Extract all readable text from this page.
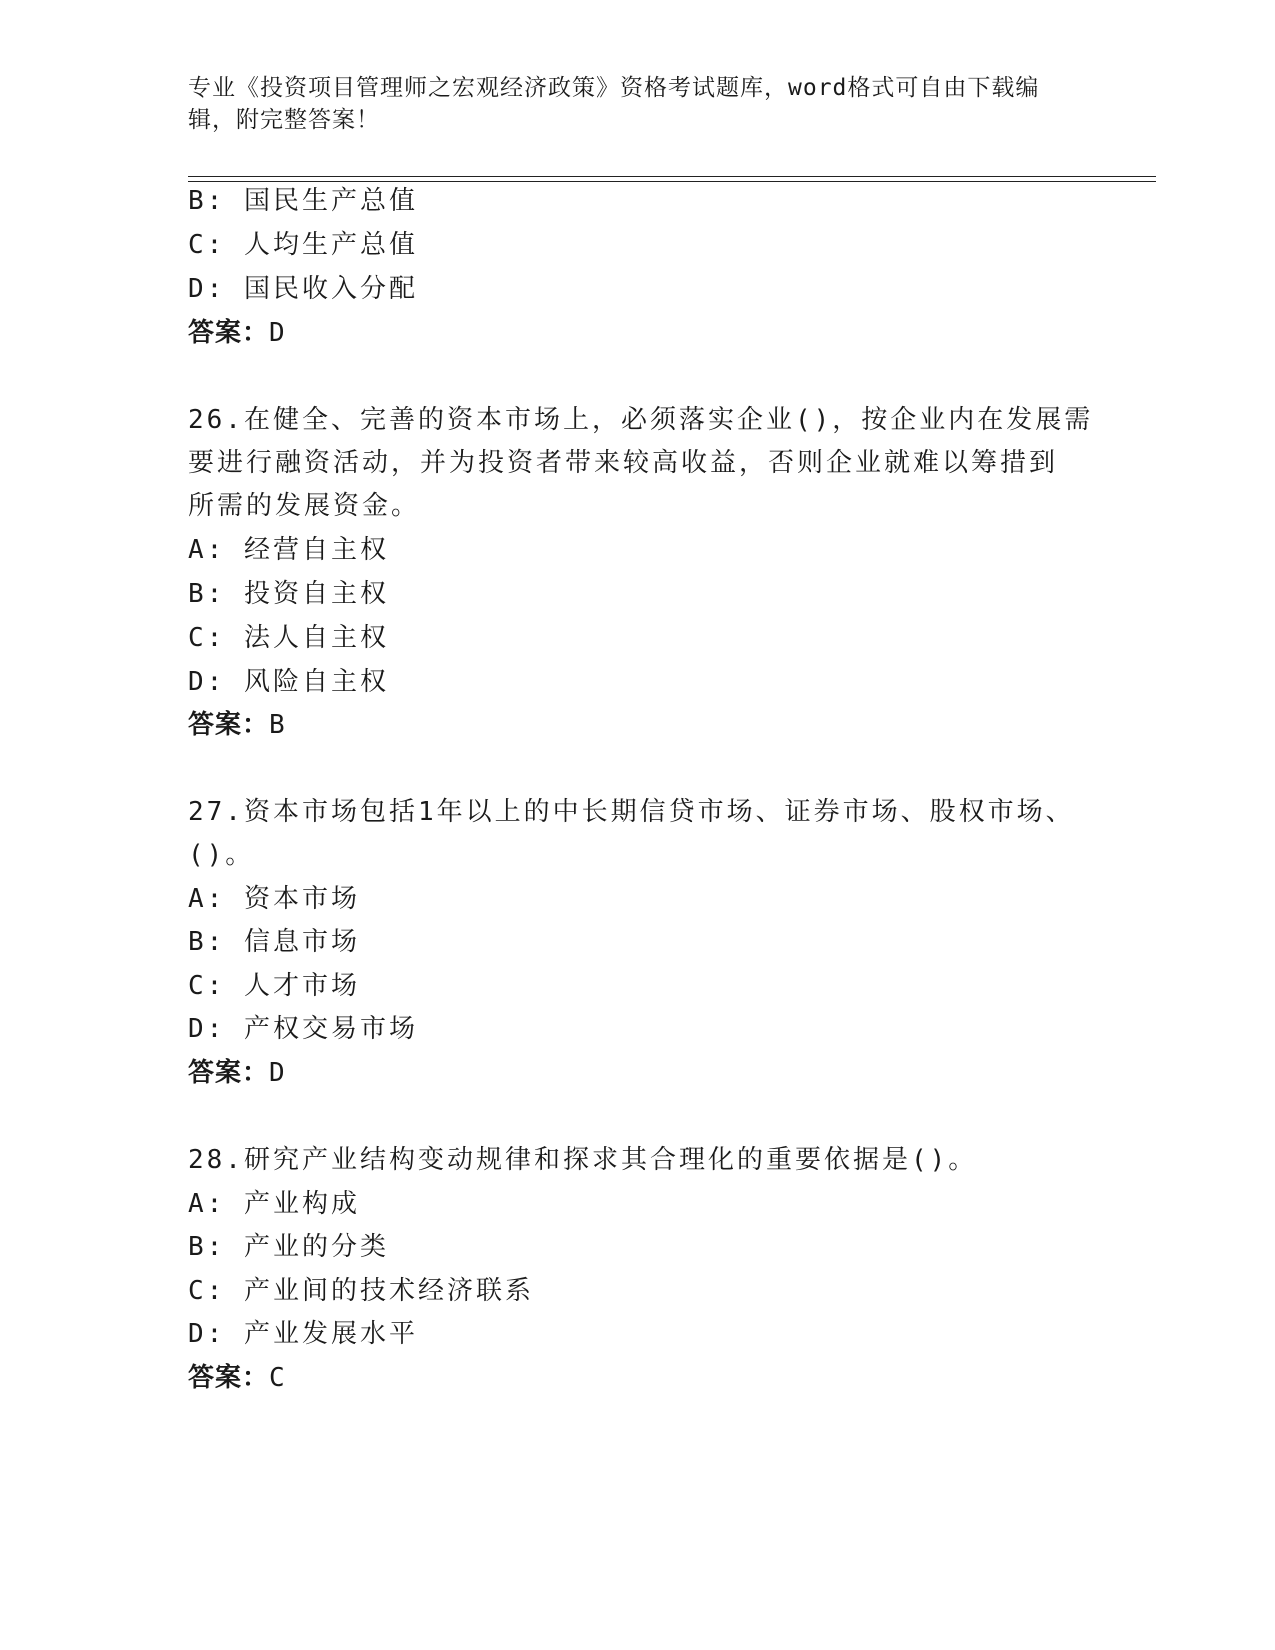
专业《投资项目管理师之宏观经济政策》资格考试题库，word格式可自由下载编
辑，附完整答案！
B: 国民生产总值
C: 人均生产总值
D: 国民收入分配
答案：D
26.在健全、完善的资本市场上，必须落实企业()，按企业内在发展需
要进行融资活动，并为投资者带来较高收益，否则企业就难以筹措到
所需的发展资金。
A: 经营自主权
B: 投资自主权
C: 法人自主权
D: 风险自主权
答案：B
27.资本市场包括1年以上的中长期信贷市场、证券市场、股权市场、
()。
A: 资本市场
B: 信息市场
C: 人才市场
D: 产权交易市场
答案：D
28.研究产业结构变动规律和探求其合理化的重要依据是()。
A: 产业构成
B: 产业的分类
C: 产业间的技术经济联系
D: 产业发展水平
答案：C
